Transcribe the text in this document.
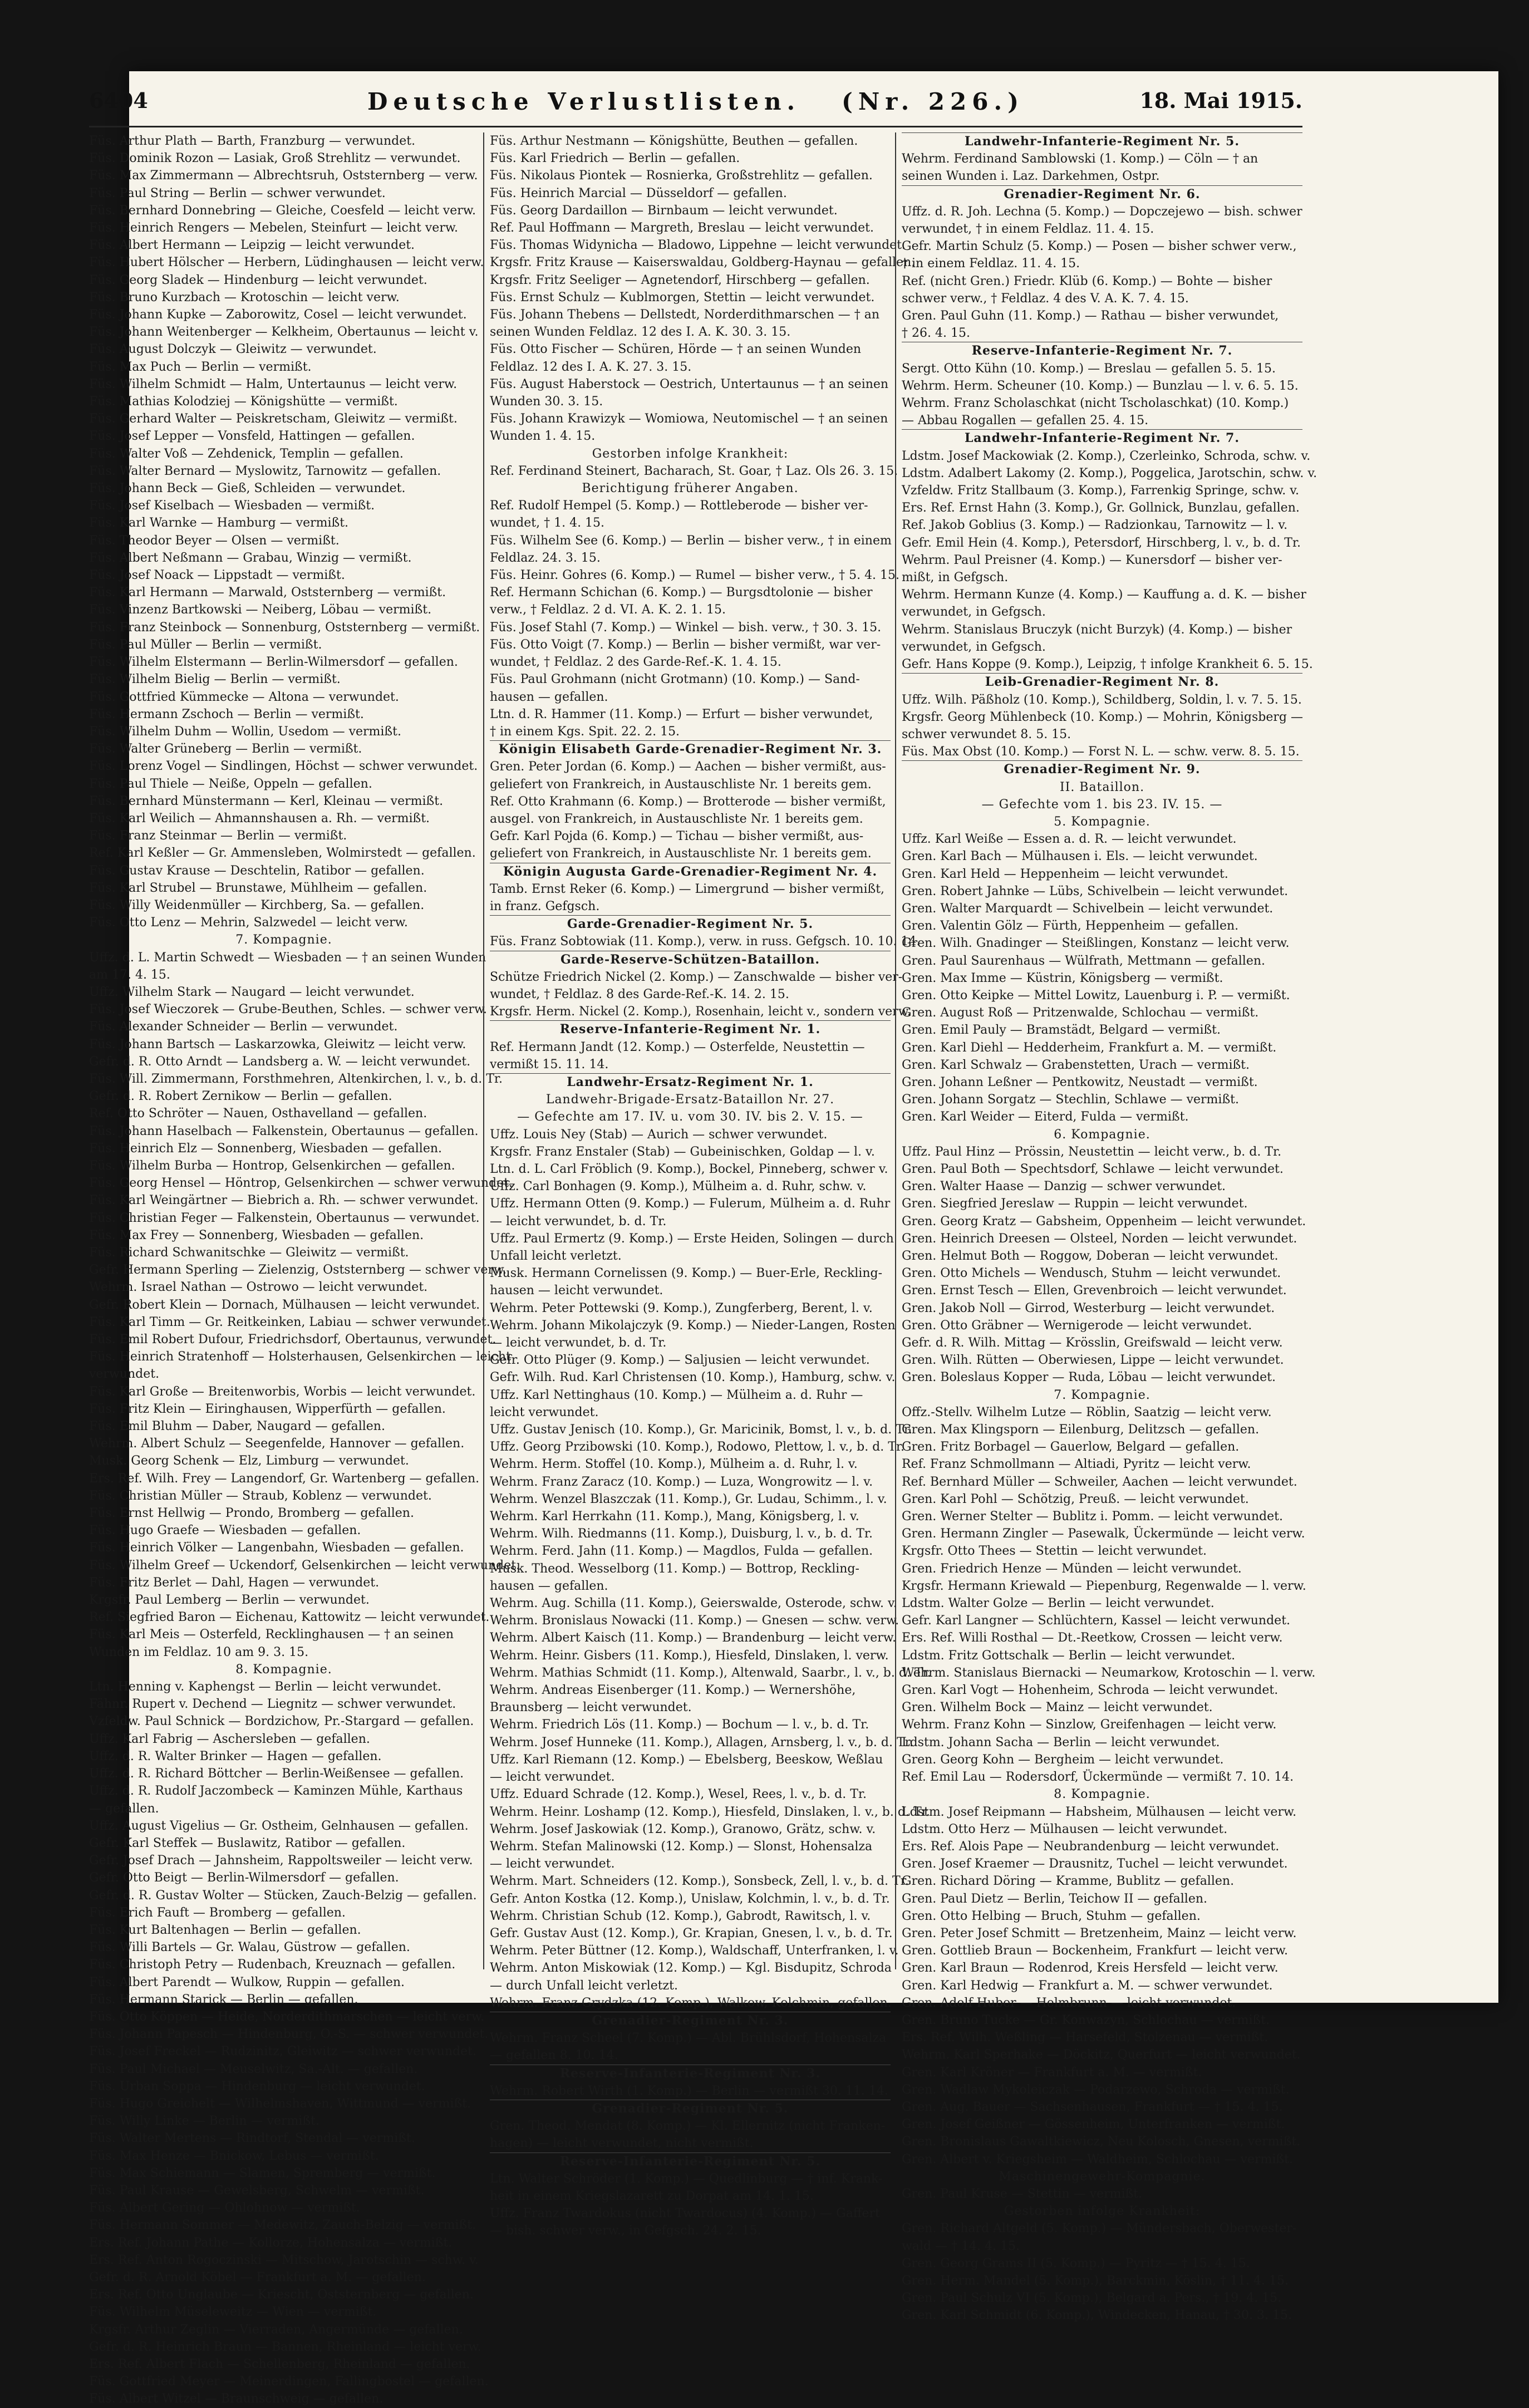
6404	Deutsche Verlustlisten. (Nr. 226.)	18. Mai 1915.
Füs. Arthur Plath — Barth, Franzburg — verwundet.
Füs. Dominik Rozon — Lasiak, Groß Strehlitz — verwundet.
Füs. Max Zimmermann — Albrechtsruh, Oststernberg — verw.
Füs. Paul String — Berlin — schwer verwundet.
Füs. Bernhard Donnebring — Gleiche, Coesfeld — leicht verw.
Füs. Heinrich Rengers — Mebelen, Steinfurt — leicht verw.
Füs. Albert Hermann — Leipzig — leicht verwundet.
Füs. Hubert Hölscher — Herbern, Lüdinghausen — leicht verw.
Füs. Georg Sladek — Hindenburg — leicht verwundet.
Füs. Bruno Kurzbach — Krotoschin — leicht verw.
Füs. Johann Kupke — Zaborowitz, Cosel — leicht verwundet.
Füs. Johann Weitenberger — Kelkheim, Obertaunus — leicht v.
Füs. August Dolczyk — Gleiwitz — verwundet.
Füs. Max Puch — Berlin — vermißt.
Füs. Wilhelm Schmidt — Halm, Untertaunus — leicht verw.
Füs. Mathias Kolodziej — Königshütte — vermißt.
Füs. Gerhard Walter — Peiskretscham, Gleiwitz — vermißt.
Füs. Josef Lepper — Vonsfeld, Hattingen — gefallen.
Füs. Walter Voß — Zehdenick, Templin — gefallen.
Füs. Walter Bernard — Myslowitz, Tarnowitz — gefallen.
Füs. Johann Beck — Gieß, Schleiden — verwundet.
Füs. Josef Kiselbach — Wiesbaden — vermißt.
Füs. Karl Warnke — Hamburg — vermißt.
Füs. Theodor Beyer — Olsen — vermißt.
Füs. Albert Neßmann — Grabau, Winzig — vermißt.
Füs. Josef Noack — Lippstadt — vermißt.
Füs. Karl Hermann — Marwald, Oststernberg — vermißt.
Füs. Vinzenz Bartkowski — Neiberg, Löbau — vermißt.
Füs. Franz Steinbock — Sonnenburg, Oststernberg — vermißt.
Füs. Paul Müller — Berlin — vermißt.
Füs. Wilhelm Elstermann — Berlin-Wilmersdorf — gefallen.
Füs. Wilhelm Bielig — Berlin — vermißt.
Füs. Gottfried Kümmecke — Altona — verwundet.
Füs. Hermann Zschoch — Berlin — vermißt.
Füs. Wilhelm Duhm — Wollin, Usedom — vermißt.
Füs. Walter Grüneberg — Berlin — vermißt.
Füs. Lorenz Vogel — Sindlingen, Höchst — schwer verwundet.
Füs. Paul Thiele — Neiße, Oppeln — gefallen.
Füs. Bernhard Münstermann — Kerl, Kleinau — vermißt.
Füs. Karl Weilich — Ahmannshausen a. Rh. — vermißt.
Füs. Franz Steinmar — Berlin — vermißt.
Ref. Karl Keßler — Gr. Ammensleben, Wolmirstedt — gefallen.
Füs. Gustav Krause — Deschtelin, Ratibor — gefallen.
Füs. Karl Strubel — Brunstawe, Mühlheim — gefallen.
Füs. Willy Weidenmüller — Kirchberg, Sa. — gefallen.
Füs. Otto Lenz — Mehrin, Salzwedel — leicht verw.
7. Kompagnie.
Uffz. d. L. Martin Schwedt — Wiesbaden — † an seinen Wunden
am 17. 4. 15.
Uffz. Wilhelm Stark — Naugard — leicht verwundet.
Füs. Josef Wieczorek — Grube-Beuthen, Schles. — schwer verw.
Füs. Alexander Schneider — Berlin — verwundet.
Füs. Johann Bartsch — Laskarzowka, Gleiwitz — leicht verw.
Gefr. d. R. Otto Arndt — Landsberg a. W. — leicht verwundet.
Füs. Will. Zimmermann, Forsthmehren, Altenkirchen, l. v., b. d. Tr.
Gefr. d. R. Robert Zernikow — Berlin — gefallen.
Ref. Otto Schröter — Nauen, Osthavelland — gefallen.
Füs. Johann Haselbach — Falkenstein, Obertaunus — gefallen.
Füs. Heinrich Elz — Sonnenberg, Wiesbaden — gefallen.
Füs. Wilhelm Burba — Hontrop, Gelsenkirchen — gefallen.
Füs. Georg Hensel — Höntrop, Gelsenkirchen — schwer verwundet.
Füs. Karl Weingärtner — Biebrich a. Rh. — schwer verwundet.
Füs. Christian Feger — Falkenstein, Obertaunus — verwundet.
Füs. Max Frey — Sonnenberg, Wiesbaden — gefallen.
Füs. Richard Schwanitschke — Gleiwitz — vermißt.
Gefr. Hermann Sperling — Zielenzig, Oststernberg — schwer verw.
Wehrm. Israel Nathan — Ostrowo — leicht verwundet.
Gefr. Robert Klein — Dornach, Mülhausen — leicht verwundet.
Füs. Karl Timm — Gr. Reitkeinken, Labiau — schwer verwundet.
Füs. Emil Robert Dufour, Friedrichsdorf, Obertaunus, verwundet.
Füs. Heinrich Stratenhoff — Holsterhausen, Gelsenkirchen — leicht
verwundet.
Füs. Karl Große — Breitenworbis, Worbis — leicht verwundet.
Füs. Fritz Klein — Eiringhausen, Wipperfürth — gefallen.
Füs. Emil Bluhm — Daber, Naugard — gefallen.
Wehrm. Albert Schulz — Seegenfelde, Hannover — gefallen.
Musk. Georg Schenk — Elz, Limburg — verwundet.
Ers. Ref. Wilh. Frey — Langendorf, Gr. Wartenberg — gefallen.
Füs. Christian Müller — Straub, Koblenz — verwundet.
Füs. Ernst Hellwig — Prondo, Bromberg — gefallen.
Füs. Hugo Graefe — Wiesbaden — gefallen.
Füs. Heinrich Völker — Langenbahn, Wiesbaden — gefallen.
Füs. Wilhelm Greef — Uckendorf, Gelsenkirchen — leicht verwundet.
Füs. Fritz Berlet — Dahl, Hagen — verwundet.
Krgsfr. Paul Lemberg — Berlin — verwundet.
Ref. Siegfried Baron — Eichenau, Kattowitz — leicht verwundet.
Füs. Karl Meis — Osterfeld, Recklinghausen — † an seinen
Wunden im Feldlaz. 10 am 9. 3. 15.
8. Kompagnie.
Ltn. Henning v. Kaphengst — Berlin — leicht verwundet.
Fähnr. Rupert v. Dechend — Liegnitz — schwer verwundet.
Vzfeldw. Paul Schnick — Bordzichow, Pr.-Stargard — gefallen.
Uffz. Karl Fabrig — Aschersleben — gefallen.
Uffz. d. R. Walter Brinker — Hagen — gefallen.
Uffz. d. R. Richard Böttcher — Berlin-Weißensee — gefallen.
Uffz. d. R. Rudolf Jaczombeck — Kaminzen Mühle, Karthaus
— gefallen.
Uffz. August Vigelius — Gr. Ostheim, Gelnhausen — gefallen.
Gefr. Karl Steffek — Buslawitz, Ratibor — gefallen.
Gefr. Josef Drach — Jahnsheim, Rappoltsweiler — leicht verw.
Gefr. Otto Beigt — Berlin-Wilmersdorf — gefallen.
Gefr. d. R. Gustav Wolter — Stücken, Zauch-Belzig — gefallen.
Füs. Erich Fauft — Bromberg — gefallen.
Füs. Kurt Baltenhagen — Berlin — gefallen.
Füs. Willi Bartels — Gr. Walau, Güstrow — gefallen.
Füs. Christoph Petry — Rudenbach, Kreuznach — gefallen.
Füs. Albert Parendt — Wulkow, Ruppin — gefallen.
Füs. Hermann Starick — Berlin — gefallen.
Füs. Otto Köppen — Heide, Norderdithmarschen — leicht verw.
Füs. Johann Papesch — Hindenburg, O.-S. — schwer verwundet.
Füs. Josef Freckel — Rudzinitz, Gleiwitz — schwer verwundet.
Füs. Paul Michael — Meuselwitz, Sa.-Alt. — gefallen.
Füs. Urban Soppa — Hindenburg — leicht verwundet.
Füs. Hugo Greichelt — Wilhelmshaven, Wittmund — vermißt.
Füs. Willy Linke — Berlin — vermißt.
Füs. Walter Mertens — Rindtorf, Stendal — vermißt.
Füs. Max Henze — Bnickow, Lebus — vermißt.
Füs. Max Schiemann — Slamen, Spremberg — vermißt.
Füs. Paul Krause — Gewelsberg, Schwelm — vermißt.
Füs. Albert Gering — Ohlohnow — vermißt.
Füs. Hermann Sommer — Medewitz, Zauch-Belzig — vermißt.
Ers. Ref. Johann Pathe — Kollorze, Hohensalza — vermißt.
Ers. Ref. Anton Rogoczinski — Mitschow, Jarotschin — schw. v.
Gefr. d. R. Arnold Köbel — Frankfurt a. M. — gefallen.
Ers. Ref. Otto Unglaube — Kriescht, Oststernberg — gefallen.
Füs. Wilhelm Müseleweitz — Wien — vermißt.
Krgsfr. Arthur Zeglin — Vierraden, Angermünde — gefallen.
Gefr. d. R. Heinrich Braun — Bannen, Rheinland — leicht verw.
Ers. Ref. Albert Flach — Schellenberg, Rheinland — gefallen.
Füs. Gottfried Meyer — Meinerdingen, Fallingbostel — gefallen.
Füs. Albert Witzel — Braunschweig — gefallen.
Füs. Arthur Nestmann — Königshütte, Beuthen — gefallen.
Füs. Karl Friedrich — Berlin — gefallen.
Füs. Nikolaus Piontek — Rosnierka, Großstrehlitz — gefallen.
Füs. Heinrich Marcial — Düsseldorf — gefallen.
Füs. Georg Dardaillon — Birnbaum — leicht verwundet.
Ref. Paul Hoffmann — Margreth, Breslau — leicht verwundet.
Füs. Thomas Widynicha — Bladowo, Lippehne — leicht verwundet.
Krgsfr. Fritz Krause — Kaiserswaldau, Goldberg-Haynau — gefallen.
Krgsfr. Fritz Seeliger — Agnetendorf, Hirschberg — gefallen.
Füs. Ernst Schulz — Kublmorgen, Stettin — leicht verwundet.
Füs. Johann Thebens — Dellstedt, Norderdithmarschen — † an
seinen Wunden Feldlaz. 12 des I. A. K. 30. 3. 15.
Füs. Otto Fischer — Schüren, Hörde — † an seinen Wunden
Feldlaz. 12 des I. A. K. 27. 3. 15.
Füs. August Haberstock — Oestrich, Untertaunus — † an seinen
Wunden 30. 3. 15.
Füs. Johann Krawizyk — Womiowa, Neutomischel — † an seinen
Wunden 1. 4. 15.
Gestorben infolge Krankheit:
Ref. Ferdinand Steinert, Bacharach, St. Goar, † Laz. Ols 26. 3. 15.
Berichtigung früherer Angaben.
Ref. Rudolf Hempel (5. Komp.) — Rottleberode — bisher ver-
wundet, † 1. 4. 15.
Füs. Wilhelm See (6. Komp.) — Berlin — bisher verw., † in einem
Feldlaz. 24. 3. 15.
Füs. Heinr. Gohres (6. Komp.) — Rumel — bisher verw., † 5. 4. 15.
Ref. Hermann Schichan (6. Komp.) — Burgsdtolonie — bisher
verw., † Feldlaz. 2 d. VI. A. K. 2. 1. 15.
Füs. Josef Stahl (7. Komp.) — Winkel — bish. verw., † 30. 3. 15.
Füs. Otto Voigt (7. Komp.) — Berlin — bisher vermißt, war ver-
wundet, † Feldlaz. 2 des Garde-Ref.-K. 1. 4. 15.
Füs. Paul Grohmann (nicht Grotmann) (10. Komp.) — Sand-
hausen — gefallen.
Ltn. d. R. Hammer (11. Komp.) — Erfurt — bisher verwundet,
† in einem Kgs. Spit. 22. 2. 15.
Königin Elisabeth Garde-Grenadier-Regiment Nr. 3.
Gren. Peter Jordan (6. Komp.) — Aachen — bisher vermißt, aus-
geliefert von Frankreich, in Austauschliste Nr. 1 bereits gem.
Ref. Otto Krahmann (6. Komp.) — Brotterode — bisher vermißt,
ausgel. von Frankreich, in Austauschliste Nr. 1 bereits gem.
Gefr. Karl Pojda (6. Komp.) — Tichau — bisher vermißt, aus-
geliefert von Frankreich, in Austauschliste Nr. 1 bereits gem.
Königin Augusta Garde-Grenadier-Regiment Nr. 4.
Tamb. Ernst Reker (6. Komp.) — Limergrund — bisher vermißt,
in franz. Gefgsch.
Garde-Grenadier-Regiment Nr. 5.
Füs. Franz Sobtowiak (11. Komp.), verw. in russ. Gefgsch. 10. 10. 14.
Garde-Reserve-Schützen-Bataillon.
Schütze Friedrich Nickel (2. Komp.) — Zanschwalde — bisher ver-
wundet, † Feldlaz. 8 des Garde-Ref.-K. 14. 2. 15.
Krgsfr. Herm. Nickel (2. Komp.), Rosenhain, leicht v., sondern verw.
Reserve-Infanterie-Regiment Nr. 1.
Ref. Hermann Jandt (12. Komp.) — Osterfelde, Neustettin —
vermißt 15. 11. 14.
Landwehr-Ersatz-Regiment Nr. 1.
Landwehr-Brigade-Ersatz-Bataillon Nr. 27.
— Gefechte am 17. IV. u. vom 30. IV. bis 2. V. 15. —
Uffz. Louis Ney (Stab) — Aurich — schwer verwundet.
Krgsfr. Franz Enstaler (Stab) — Gubeinischken, Goldap — l. v.
Ltn. d. L. Carl Fröblich (9. Komp.), Bockel, Pinneberg, schwer v.
Uffz. Carl Bonhagen (9. Komp.), Mülheim a. d. Ruhr, schw. v.
Uffz. Hermann Otten (9. Komp.) — Fulerum, Mülheim a. d. Ruhr
— leicht verwundet, b. d. Tr.
Uffz. Paul Ermertz (9. Komp.) — Erste Heiden, Solingen — durch
Unfall leicht verletzt.
Musk. Hermann Cornelissen (9. Komp.) — Buer-Erle, Reckling-
hausen — leicht verwundet.
Wehrm. Peter Pottewski (9. Komp.), Zungferberg, Berent, l. v.
Wehrm. Johann Mikolajczyk (9. Komp.) — Nieder-Langen, Rosten
— leicht verwundet, b. d. Tr.
Gefr. Otto Plüger (9. Komp.) — Saljusien — leicht verwundet.
Gefr. Wilh. Rud. Karl Christensen (10. Komp.), Hamburg, schw. v.
Uffz. Karl Nettinghaus (10. Komp.) — Mülheim a. d. Ruhr —
leicht verwundet.
Uffz. Gustav Jenisch (10. Komp.), Gr. Maricinik, Bomst, l. v., b. d. Tr.
Uffz. Georg Przibowski (10. Komp.), Rodowo, Plettow, l. v., b. d. Tr.
Wehrm. Herm. Stoffel (10. Komp.), Mülheim a. d. Ruhr, l. v.
Wehrm. Franz Zaracz (10. Komp.) — Luza, Wongrowitz — l. v.
Wehrm. Wenzel Blaszczak (11. Komp.), Gr. Ludau, Schimm., l. v.
Wehrm. Karl Herrkahn (11. Komp.), Mang, Königsberg, l. v.
Wehrm. Wilh. Riedmanns (11. Komp.), Duisburg, l. v., b. d. Tr.
Wehrm. Ferd. Jahn (11. Komp.) — Magdlos, Fulda — gefallen.
Musk. Theod. Wesselborg (11. Komp.) — Bottrop, Reckling-
hausen — gefallen.
Wehrm. Aug. Schilla (11. Komp.), Geierswalde, Osterode, schw. v.
Wehrm. Bronislaus Nowacki (11. Komp.) — Gnesen — schw. verw.
Wehrm. Albert Kaisch (11. Komp.) — Brandenburg — leicht verw.
Wehrm. Heinr. Gisbers (11. Komp.), Hiesfeld, Dinslaken, l. verw.
Wehrm. Mathias Schmidt (11. Komp.), Altenwald, Saarbr., l. v., b. d. Tr.
Wehrm. Andreas Eisenberger (11. Komp.) — Wernershöhe,
Braunsberg — leicht verwundet.
Wehrm. Friedrich Lös (11. Komp.) — Bochum — l. v., b. d. Tr.
Wehrm. Josef Hunneke (11. Komp.), Allagen, Arnsberg, l. v., b. d. Tr.
Uffz. Karl Riemann (12. Komp.) — Ebelsberg, Beeskow, Weßlau
— leicht verwundet.
Uffz. Eduard Schrade (12. Komp.), Wesel, Rees, l. v., b. d. Tr.
Wehrm. Heinr. Loshamp (12. Komp.), Hiesfeld, Dinslaken, l. v., b. d. Tr.
Wehrm. Josef Jaskowiak (12. Komp.), Granowo, Grätz, schw. v.
Wehrm. Stefan Malinowski (12. Komp.) — Slonst, Hohensalza
— leicht verwundet.
Wehrm. Mart. Schneiders (12. Komp.), Sonsbeck, Zell, l. v., b. d. Tr.
Gefr. Anton Kostka (12. Komp.), Unislaw, Kolchmin, l. v., b. d. Tr.
Wehrm. Christian Schub (12. Komp.), Gabrodt, Rawitsch, l. v.
Gefr. Gustav Aust (12. Komp.), Gr. Krapian, Gnesen, l. v., b. d. Tr.
Wehrm. Peter Büttner (12. Komp.), Waldschaff, Unterfranken, l. v.
Wehrm. Anton Miskowiak (12. Komp.) — Kgl. Bisdupitz, Schroda
— durch Unfall leicht verletzt.
Wehrm. Franz Grydzka (12. Komp.), Walkow, Kolchmin, gefallen.
Grenadier-Regiment Nr. 3.
Wehrm. Franz Scheel (7. Komp.) — Abl. Brühlsdorf, Hohensalza
— gefallen 8. 10. 14.
Reserve-Infanterie-Regiment Nr. 3.
Wehrm. Robert Wirth (1. Komp.) — Berlin — vermißt 30. 11. 14.
Grenadier-Regiment Nr. 5.
Gren. Theod. Mendat (8. Komp.) — Kl. Ellernitz (nicht Franken-
hagen) — leicht verwundet, nicht vermißt.
Reserve-Infanterie-Regiment Nr. 5.
Ltn. Walter Schröder (1. Komp.) — Quedlinburg — † inf. Krank-
heit in einem Kriegslazarett zu Dorpat am 14. 1. 15.
Uffz. Franz Twardokus (nicht Twardocus) (4. Komp.) — Gaffert
— bish. schwer verw., in Gefgsch. 24. 2. 15.
Landwehr-Infanterie-Regiment Nr. 5.
Wehrm. Ferdinand Samblowski (1. Komp.) — Cöln — † an
seinen Wunden i. Laz. Darkehmen, Ostpr.
Grenadier-Regiment Nr. 6.
Uffz. d. R. Joh. Lechna (5. Komp.) — Dopczejewo — bish. schwer
verwundet, † in einem Feldlaz. 11. 4. 15.
Gefr. Martin Schulz (5. Komp.) — Posen — bisher schwer verw.,
† in einem Feldlaz. 11. 4. 15.
Ref. (nicht Gren.) Friedr. Klüb (6. Komp.) — Bohte — bisher
schwer verw., † Feldlaz. 4 des V. A. K. 7. 4. 15.
Gren. Paul Guhn (11. Komp.) — Rathau — bisher verwundet,
† 26. 4. 15.
Reserve-Infanterie-Regiment Nr. 7.
Sergt. Otto Kühn (10. Komp.) — Breslau — gefallen 5. 5. 15.
Wehrm. Herm. Scheuner (10. Komp.) — Bunzlau — l. v. 6. 5. 15.
Wehrm. Franz Scholaschkat (nicht Tscholaschkat) (10. Komp.)
— Abbau Rogallen — gefallen 25. 4. 15.
Landwehr-Infanterie-Regiment Nr. 7.
Ldstm. Josef Mackowiak (2. Komp.), Czerleinko, Schroda, schw. v.
Ldstm. Adalbert Lakomy (2. Komp.), Poggelica, Jarotschin, schw. v.
Vzfeldw. Fritz Stallbaum (3. Komp.), Farrenkig Springe, schw. v.
Ers. Ref. Ernst Hahn (3. Komp.), Gr. Gollnick, Bunzlau, gefallen.
Ref. Jakob Goblius (3. Komp.) — Radzionkau, Tarnowitz — l. v.
Gefr. Emil Hein (4. Komp.), Petersdorf, Hirschberg, l. v., b. d. Tr.
Wehrm. Paul Preisner (4. Komp.) — Kunersdorf — bisher ver-
mißt, in Gefgsch.
Wehrm. Hermann Kunze (4. Komp.) — Kauffung a. d. K. — bisher
verwundet, in Gefgsch.
Wehrm. Stanislaus Bruczyk (nicht Burzyk) (4. Komp.) — bisher
verwundet, in Gefgsch.
Gefr. Hans Koppe (9. Komp.), Leipzig, † infolge Krankheit 6. 5. 15.
Leib-Grenadier-Regiment Nr. 8.
Uffz. Wilh. Päßholz (10. Komp.), Schildberg, Soldin, l. v. 7. 5. 15.
Krgsfr. Georg Mühlenbeck (10. Komp.) — Mohrin, Königsberg —
schwer verwundet 8. 5. 15.
Füs. Max Obst (10. Komp.) — Forst N. L. — schw. verw. 8. 5. 15.
Grenadier-Regiment Nr. 9.
II. Bataillon.
— Gefechte vom 1. bis 23. IV. 15. —
5. Kompagnie.
Uffz. Karl Weiße — Essen a. d. R. — leicht verwundet.
Gren. Karl Bach — Mülhausen i. Els. — leicht verwundet.
Gren. Karl Held — Heppenheim — leicht verwundet.
Gren. Robert Jahnke — Lübs, Schivelbein — leicht verwundet.
Gren. Walter Marquardt — Schivelbein — leicht verwundet.
Gren. Valentin Gölz — Fürth, Heppenheim — gefallen.
Gren. Wilh. Gnadinger — Steißlingen, Konstanz — leicht verw.
Gren. Paul Saurenhaus — Wülfrath, Mettmann — gefallen.
Gren. Max Imme — Küstrin, Königsberg — vermißt.
Gren. Otto Keipke — Mittel Lowitz, Lauenburg i. P. — vermißt.
Gren. August Roß — Pritzenwalde, Schlochau — vermißt.
Gren. Emil Pauly — Bramstädt, Belgard — vermißt.
Gren. Karl Diehl — Hedderheim, Frankfurt a. M. — vermißt.
Gren. Karl Schwalz — Grabenstetten, Urach — vermißt.
Gren. Johann Leßner — Pentkowitz, Neustadt — vermißt.
Gren. Johann Sorgatz — Stechlin, Schlawe — vermißt.
Gren. Karl Weider — Eiterd, Fulda — vermißt.
6. Kompagnie.
Uffz. Paul Hinz — Prössin, Neustettin — leicht verw., b. d. Tr.
Gren. Paul Both — Spechtsdorf, Schlawe — leicht verwundet.
Gren. Walter Haase — Danzig — schwer verwundet.
Gren. Siegfried Jereslaw — Ruppin — leicht verwundet.
Gren. Georg Kratz — Gabsheim, Oppenheim — leicht verwundet.
Gren. Heinrich Dreesen — Olsteel, Norden — leicht verwundet.
Gren. Helmut Both — Roggow, Doberan — leicht verwundet.
Gren. Otto Michels — Wendusch, Stuhm — leicht verwundet.
Gren. Ernst Tesch — Ellen, Grevenbroich — leicht verwundet.
Gren. Jakob Noll — Girrod, Westerburg — leicht verwundet.
Gren. Otto Gräbner — Wernigerode — leicht verwundet.
Gefr. d. R. Wilh. Mittag — Krösslin, Greifswald — leicht verw.
Gren. Wilh. Rütten — Oberwiesen, Lippe — leicht verwundet.
Gren. Boleslaus Kopper — Ruda, Löbau — leicht verwundet.
7. Kompagnie.
Offz.-Stellv. Wilhelm Lutze — Röblin, Saatzig — leicht verw.
Gren. Max Klingsporn — Eilenburg, Delitzsch — gefallen.
Gren. Fritz Borbagel — Gauerlow, Belgard — gefallen.
Ref. Franz Schmollmann — Altiadi, Pyritz — leicht verw.
Ref. Bernhard Müller — Schweiler, Aachen — leicht verwundet.
Gren. Karl Pohl — Schötzig, Preuß. — leicht verwundet.
Gren. Werner Stelter — Bublitz i. Pomm. — leicht verwundet.
Gren. Hermann Zingler — Pasewalk, Ückermünde — leicht verw.
Krgsfr. Otto Thees — Stettin — leicht verwundet.
Gren. Friedrich Henze — Münden — leicht verwundet.
Krgsfr. Hermann Kriewald — Piepenburg, Regenwalde — l. verw.
Ldstm. Walter Golze — Berlin — leicht verwundet.
Gefr. Karl Langner — Schlüchtern, Kassel — leicht verwundet.
Ers. Ref. Willi Rosthal — Dt.-Reetkow, Crossen — leicht verw.
Ldstm. Fritz Gottschalk — Berlin — leicht verwundet.
Wehrm. Stanislaus Biernacki — Neumarkow, Krotoschin — l. verw.
Gren. Karl Vogt — Hohenheim, Schroda — leicht verwundet.
Gren. Wilhelm Bock — Mainz — leicht verwundet.
Wehrm. Franz Kohn — Sinzlow, Greifenhagen — leicht verw.
Ldstm. Johann Sacha — Berlin — leicht verwundet.
Gren. Georg Kohn — Bergheim — leicht verwundet.
Ref. Emil Lau — Rodersdorf, Ückermünde — vermißt 7. 10. 14.
8. Kompagnie.
Ldstm. Josef Reipmann — Habsheim, Mülhausen — leicht verw.
Ldstm. Otto Herz — Mülhausen — leicht verwundet.
Ers. Ref. Alois Pape — Neubrandenburg — leicht verwundet.
Gren. Josef Kraemer — Drausnitz, Tuchel — leicht verwundet.
Gren. Richard Döring — Kramme, Bublitz — gefallen.
Gren. Paul Dietz — Berlin, Teichow II — gefallen.
Gren. Otto Helbing — Bruch, Stuhm — gefallen.
Gren. Peter Josef Schmitt — Bretzenheim, Mainz — leicht verw.
Gren. Gottlieb Braun — Bockenheim, Frankfurt — leicht verw.
Gren. Karl Braun — Rodenrod, Kreis Hersfeld — leicht verw.
Gren. Karl Hedwig — Frankfurt a. M. — schwer verwundet.
Gren. Adolf Huber — Helmbrunn — leicht verwundet.
Gren. Bruno Tucke — Gr. Konwazyn, Schlochau — vermißt.
Ers. Ref. Wilh. Weßling — Harsefeld, Stolzenau — vermißt.
Wehrm. Karl Sperhake — Döckitz, Querfurt — leicht verwundet.
Gren. Karl Kröner — Frankfurt a. M. — vermißt.
Gren. Wadlaw Mykoleiczak — Podarzewo, Schroda — vermißt.
Gren. Aug. Bauer — Sachsenhausen, Frankfurt — † 15. 4. 15.
Gren. Josef Geißner — Gössenheim, Unterfranken — vermißt.
Gren. Bronislaus Gawaltkiewicz, Neu Kolosch, Gnesen, vermißt.
Gren. Albert v. Kriegsheim — Waldheim, Schlochau — vermißt.
Maschinengewehr-Kompagnie.
Gren. Paul Kruse — Stettin — vermißt.
Gestorben infolge Krankheit:
Gren. Richard Altgeld (5. Komp.) — Mündersbach, Oberwester-
wald — † 14. 4. 15.
Gren. Georg Grams II (5. Komp.) — Pyritz — † 15. 4. 15.
Gren. Herm. Mandel (5. Komp.), Barckmin, Köslin, † 11. 4. 15.
Gren. Paul Schulz VI (5. Komp.), Belgard a. Pers., † 19. 4. 15.
Gren. Karl Schmidt (6. Komp.), Windecken, Hanau, † 30. 3. 15.
